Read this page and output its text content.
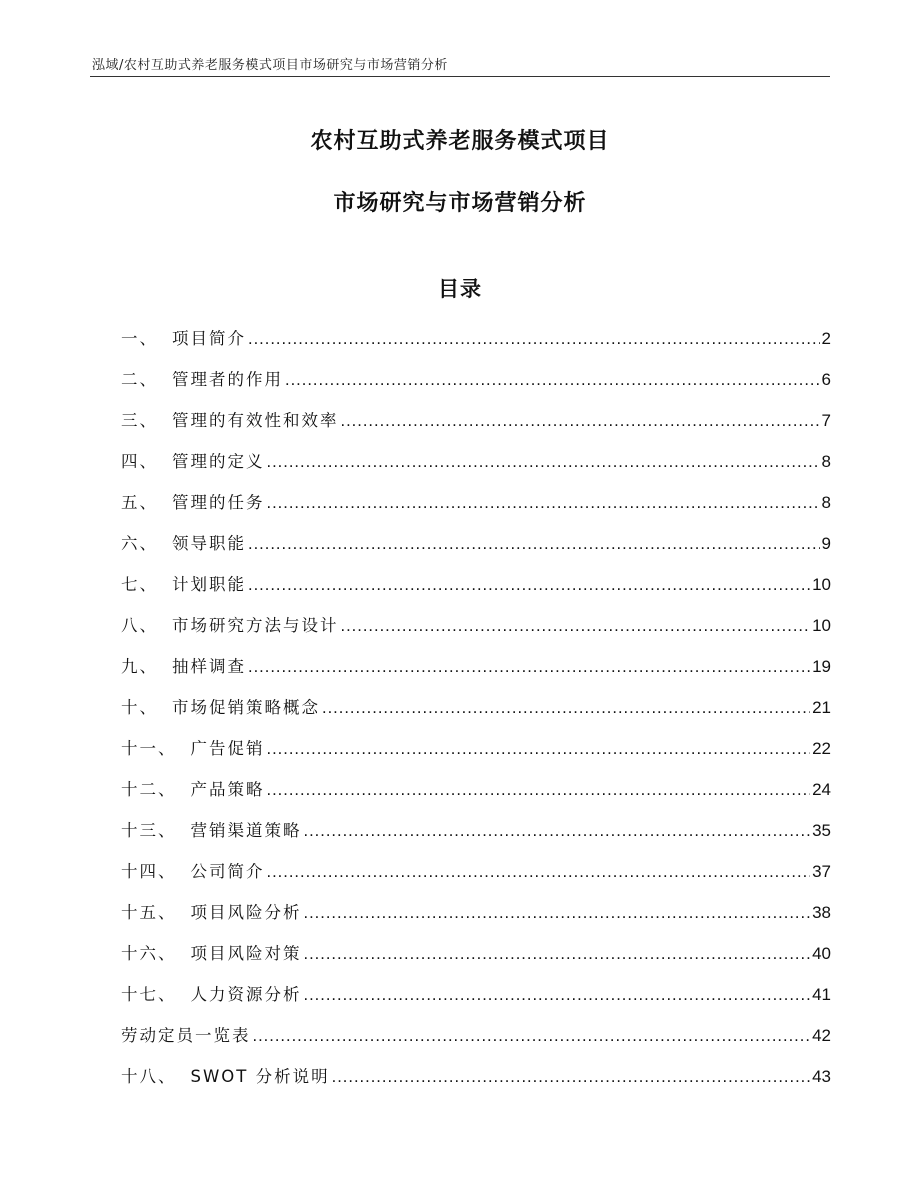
泓域/农村互助式养老服务模式项目市场研究与市场营销分析
农村互助式养老服务模式项目
市场研究与市场营销分析
目录
一、 项目简介 .....	2
二、 管理者的作用 .....	6
三、 管理的有效性和效率 .....	7
四、 管理的定义 .....	8
五、 管理的任务 .....	8
六、 领导职能 .....	9
七、 计划职能 .....	10
八、 市场研究方法与设计 .....	10
九、 抽样调查 .....	19
十、 市场促销策略概念 .....	21
十一、 广告促销 .....	22
十二、 产品策略 .....	24
十三、 营销渠道策略 .....	35
十四、 公司简介 .....	37
十五、 项目风险分析 .....	38
十六、 项目风险对策 .....	40
十七、 人力资源分析 .....	41
劳动定员一览表 .....	42
十八、 SWOT 分析说明 .....	43
